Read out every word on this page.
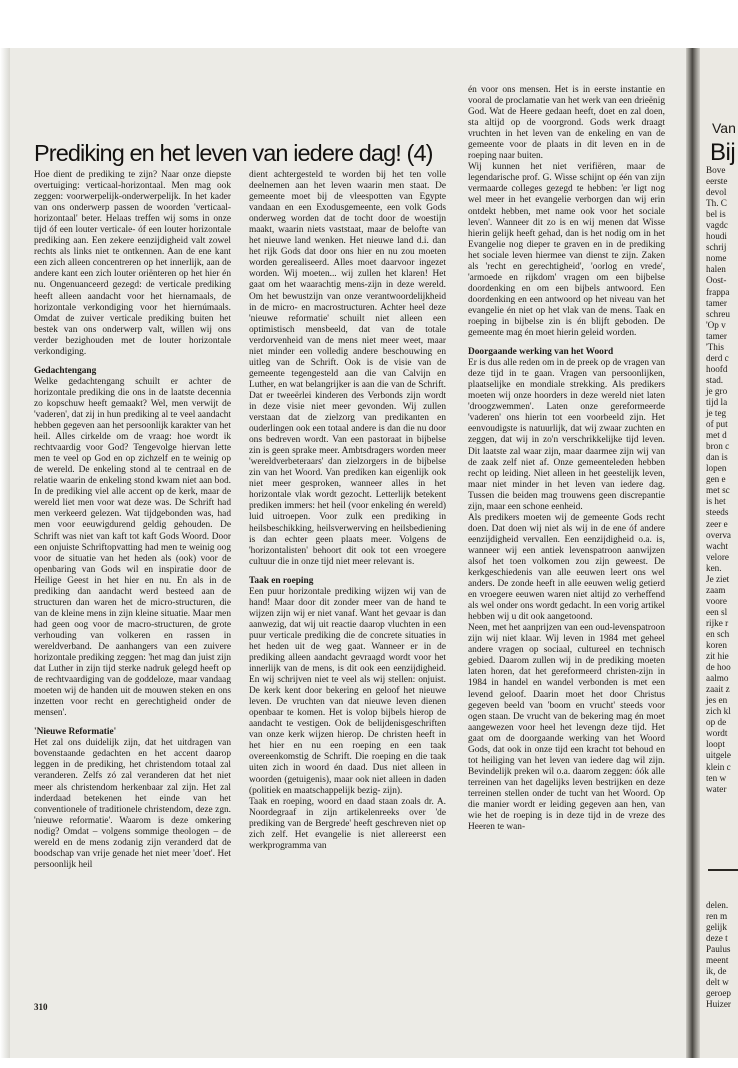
Van
Bij
Bove
eerste
devol
Th. C
bel is
vagdc
houdi
schrij
nome
halen
Oost-
frappa
tamer
schreu
'Op v
tamer
'This
derd c
hoofd
stad.
je gro
tijd la
je teg
of put
met d
bron c
dan is
lopen
gen e
met sc
is het
steeds
zeer e
overva
wacht
velore
ken.
Je ziet
zaam
voore
een sl
rijke r
en sch
koren
zit hie
de hoo
aalmo
zaait z
jes en
zich kl
op de
wordt
loopt
uitgele
klein c
ten w
water
delen.
ren m
gelijk
deze t
Paulus
meent
ik, de
delt w
geroep
Huizer
Prediking en het leven van iedere dag! (4)

Hoe dient de prediking te zijn? Naar onze diepste overtuiging: verticaal-horizontaal. Men mag ook zeggen: voorwerpelijk-onderwerpelijk. In het kader van ons onderwerp passen de woorden 'verticaal-horizontaal' beter. Helaas treffen wij soms in onze tijd óf een louter verticale- óf een louter horizontale prediking aan. Een zekere eenzijdigheid valt zowel rechts als links niet te ontkennen. Aan de ene kant een zich alleen concentreren op het innerlijk, aan de andere kant een zich louter oriënteren op het hier én nu. Ongenuanceerd gezegd: de verticale prediking heeft alleen aandacht voor het hiernamaals, de horizontale verkondiging voor het hiernúmaals. Omdat de zuiver verticale prediking buiten het bestek van ons onderwerp valt, willen wij ons verder bezighouden met de louter horizontale verkondiging.

Gedachtengang

Welke gedachtengang schuilt er achter de horizontale prediking die ons in de laatste decennia zo kopschuw heeft gemaakt? Wel, men verwijt de 'vaderen', dat zij in hun prediking al te veel aandacht hebben gegeven aan het persoonlijk karakter van het heil. Alles cirkelde om de vraag: hoe wordt ik rechtvaardig voor God? Tengevolge hiervan lette men te veel op God en op zichzelf en te weinig op de wereld. De enkeling stond al te centraal en de relatie waarin de enkeling stond kwam niet aan bod. In de prediking viel alle accent op de kerk, maar de wereld liet men voor wat deze was. De Schrift had men verkeerd gelezen. Wat tijdgebonden was, had men voor eeuwigdurend geldig gehouden. De Schrift was niet van kaft tot kaft Gods Woord. Door een onjuiste Schriftopvatting had men te weinig oog voor de situatie van het heden als (ook) voor de openbaring van Gods wil en inspiratie door de Heilige Geest in het hier en nu. En als in de prediking dan aandacht werd besteed aan de structuren dan waren het de micro-structuren, die van de kleine mens in zijn kleine situatie. Maar men had geen oog voor de macro-structuren, de grote verhouding van volkeren en rassen in wereldverband. De aanhangers van een zuivere horizontale prediking zeggen: 'het mag dan juist zijn dat Luther in zijn tijd sterke nadruk gelegd heeft op de rechtvaardiging van de goddeloze, maar vandaag moeten wij de handen uit de mouwen steken en ons inzetten voor recht en gerechtigheid onder de mensen'.

'Nieuwe Reformatie'

Het zal ons duidelijk zijn, dat het uitdragen van bovenstaande gedachten en het accent daarop leggen in de prediking, het christendom totaal zal veranderen. Zelfs zó zal veranderen dat het niet meer als christendom herkenbaar zal zijn. Het zal inderdaad betekenen het einde van het conventionele of traditionele christendom, deze zgn. 'nieuwe reformatie'. Waarom is deze omkering nodig? Omdat – volgens sommige theologen – de wereld en de mens zodanig zijn veranderd dat de boodschap van vrije genade het niet meer 'doet'. Het persoonlijk heil

dient achtergesteld te worden bij het ten volle deelnemen aan het leven waarin men staat. De gemeente moet bij de vleespotten van Egypte vandaan en een Exodusgemeente, een volk Gods onderweg worden dat de tocht door de woestijn maakt, waarin niets vaststaat, maar de belofte van het nieuwe land wenken. Het nieuwe land d.i. dan het rijk Gods dat door ons hier en nu zou moeten worden gerealiseerd. Alles moet daarvoor ingezet worden. Wij moeten... wij zullen het klaren! Het gaat om het waarachtig mens-zijn in deze wereld. Om het bewustzijn van onze verantwoordelijkheid in de micro- en macrostructuren. Achter heel deze 'nieuwe reformatie' schuilt niet alleen een optimistisch mensbeeld, dat van de totale verdorvenheid van de mens niet meer weet, maar niet minder een volledig andere beschouwing en uitleg van de Schrift. Ook is de visie van de gemeente tegengesteld aan die van Calvijn en Luther, en wat belangrijker is aan die van de Schrift. Dat er tweeërlei kinderen des Verbonds zijn wordt in deze visie niet meer gevonden. Wij zullen verstaan dat de zielzorg van predikanten en ouderlingen ook een totaal andere is dan die nu door ons bedreven wordt. Van een pastoraat in bijbelse zin is geen sprake meer. Ambtsdragers worden meer 'wereldverbeteraars' dan zielzorgers in de bijbelse zin van het Woord. Van prediken kan eigenlijk ook niet meer gesproken, wanneer alles in het horizontale vlak wordt gezocht. Letterlijk betekent prediken immers: het heil (voor enkeling én wereld) luid uitroepen. Voor zulk een prediking in heilsbeschikking, heilsverwerving en heilsbediening is dan echter geen plaats meer. Volgens de 'horizontalisten' behoort dit ook tot een vroegere cultuur die in onze tijd niet meer relevant is.

Taak en roeping

Een puur horizontale prediking wijzen wij van de hand! Maar door dit zonder meer van de hand te wijzen zijn wij er niet vanaf. Want het gevaar is dan aanwezig, dat wij uit reactie daarop vluchten in een puur verticale prediking die de concrete situaties in het heden uit de weg gaat. Wanneer er in de prediking alleen aandacht gevraagd wordt voor het innerlijk van de mens, is dit ook een eenzijdigheid. En wij schrijven niet te veel als wij stellen: onjuist. De kerk kent door bekering en geloof het nieuwe leven. De vruchten van dat nieuwe leven dienen openbaar te komen. Het is volop bijbels hierop de aandacht te vestigen. Ook de belijdenisgeschriften van onze kerk wijzen hierop. De christen heeft in het hier en nu een roeping en een taak overeenkomstig de Schrift. Die roeping en die taak uiten zich in woord én daad. Dus niet alleen in woorden (getuigenis), maar ook niet alleen in daden (politiek en maatschappelijk bezig- zijn).

Taak en roeping, woord en daad staan zoals dr. A. Noordegraaf in zijn artikelenreeks over 'de prediking van de Bergrede' heeft geschreven niet op zich zelf. Het evangelie is niet allereerst een werkprogramma van

én voor ons mensen. Het is in eerste instantie en vooral de proclamatie van het werk van een drieënig God. Wat de Heere gedaan heeft, doet en zal doen, sta altijd op de voorgrond. Gods werk draagt vruchten in het leven van de enkeling en van de gemeente voor de plaats in dit leven en in de roeping naar buiten.

Wij kunnen het niet verifiëren, maar de legendarische prof. G. Wisse schijnt op één van zijn vermaarde colleges gezegd te hebben: 'er ligt nog wel meer in het evangelie verborgen dan wij erin ontdekt hebben, met name ook voor het sociale leven'. Wanneer dit zo is en wij menen dat Wisse hierin gelijk heeft gehad, dan is het nodig om in het Evangelie nog dieper te graven en in de prediking het sociale leven hiermee van dienst te zijn. Zaken als 'recht en gerechtigheid', 'oorlog en vrede', 'armoede en rijkdom' vragen om een bijbelse doordenking en om een bijbels antwoord. Een doordenking en een antwoord op het niveau van het evangelie én niet op het vlak van de mens. Taak en roeping in bijbelse zin is én blijft geboden. De gemeente mag én moet hierin geleid worden.

Doorgaande werking van het Woord

Er is dus alle reden om in de preek op de vragen van deze tijd in te gaan. Vragen van persoonlijken, plaatselijke en mondiale strekking. Als predikers moeten wij onze hoorders in deze wereld niet laten 'droogzwemmen'. Laten onze gereformeerde 'vaderen' ons hierin tot een voorbeeld zijn. Het eenvoudigste is natuurlijk, dat wij zwaar zuchten en zeggen, dat wij in zo'n verschrikkelijke tijd leven. Dit laatste zal waar zijn, maar daarmee zijn wij van de zaak zelf niet af. Onze gemeenteleden hebben recht op leiding. Niet alleen in het geestelijk leven, maar niet minder in het leven van iedere dag. Tussen die beiden mag trouwens geen discrepantie zijn, maar een schone eenheid.

Als predikers moeten wij de gemeente Gods recht doen. Dat doen wij niet als wij in de ene óf andere eenzijdigheid vervallen. Een eenzijdigheid o.a. is, wanneer wij een antiek levenspatroon aanwijzen alsof het toen volkomen zou zijn geweest. De kerkgeschiedenis van alle eeuwen leert ons wel anders. De zonde heeft in alle eeuwen welig getierd en vroegere eeuwen waren niet altijd zo verheffend als wel onder ons wordt gedacht. In een vorig artikel hebben wij u dit ook aangetoond.

Neen, met het aanprijzen van een oud-levenspatroon zijn wij niet klaar. Wij leven in 1984 met geheel andere vragen op sociaal, cultureel en technisch gebied. Daarom zullen wij in de prediking moeten laten horen, dat het gereformeerd christen-zijn in 1984 in handel en wandel verbonden is met een levend geloof. Daarin moet het door Christus gegeven beeld van 'boom en vrucht' steeds voor ogen staan. De vrucht van de bekering mag én moet aangewezen voor heel het levengn deze tijd. Het gaat om de doorgaande werking van het Woord Gods, dat ook in onze tijd een kracht tot behoud en tot heiliging van het leven van iedere dag wil zijn. Bevindelijk preken wil o.a. daarom zeggen: óók alle terreinen van het dagelijks leven bestrijken en deze terreinen stellen onder de tucht van het Woord. Op die manier wordt er leiding gegeven aan hen, van wie het de roeping is in deze tijd in de vreze des Heeren te wan-

310
